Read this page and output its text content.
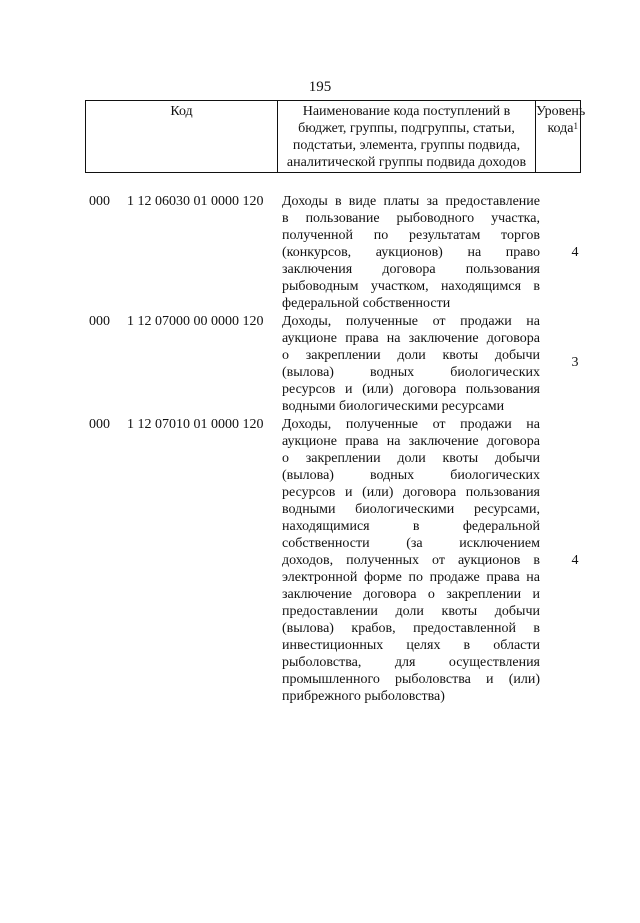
195
Код	Наименование кода поступлений в
бюджет, группы, подгруппы, статьи,
подстатьи, элемента, группы подвида,
аналитической группы подвида доходов
Уровень
кода$^1$
000 1 12 06030 01 0000 120 Доходы в виде платы за предоставление
в пользование рыбоводного участка,
полученной по результатам торгов
(конкурсов, аукционов) на право
заключения договора пользования
рыбоводным участком, находящимся в
федеральной собственности
4
000 1 12 07000 00 0000 120 Доходы, полученные от продажи на
аукционе права на заключение договора
о закреплении доли квоты добычи
(вылова) водных биологических
ресурсов и (или) договора пользования
водными биологическими ресурсами
3
000 1 12 07010 01 0000 120 Доходы, полученные от продажи на
аукционе права на заключение договора
о закреплении доли квоты добычи
(вылова) водных биологических
ресурсов и (или) договора пользования
водными биологическими ресурсами,
находящимися в федеральной
собственности (за исключением
доходов, полученных от аукционов в
электронной форме по продаже права на
заключение договора о закреплении и
предоставлении доли квоты добычи
(вылова) крабов, предоставленной в
инвестиционных целях в области
рыболовства, для осуществления
промышленного рыболовства и (или)
прибрежного рыболовства)
4
